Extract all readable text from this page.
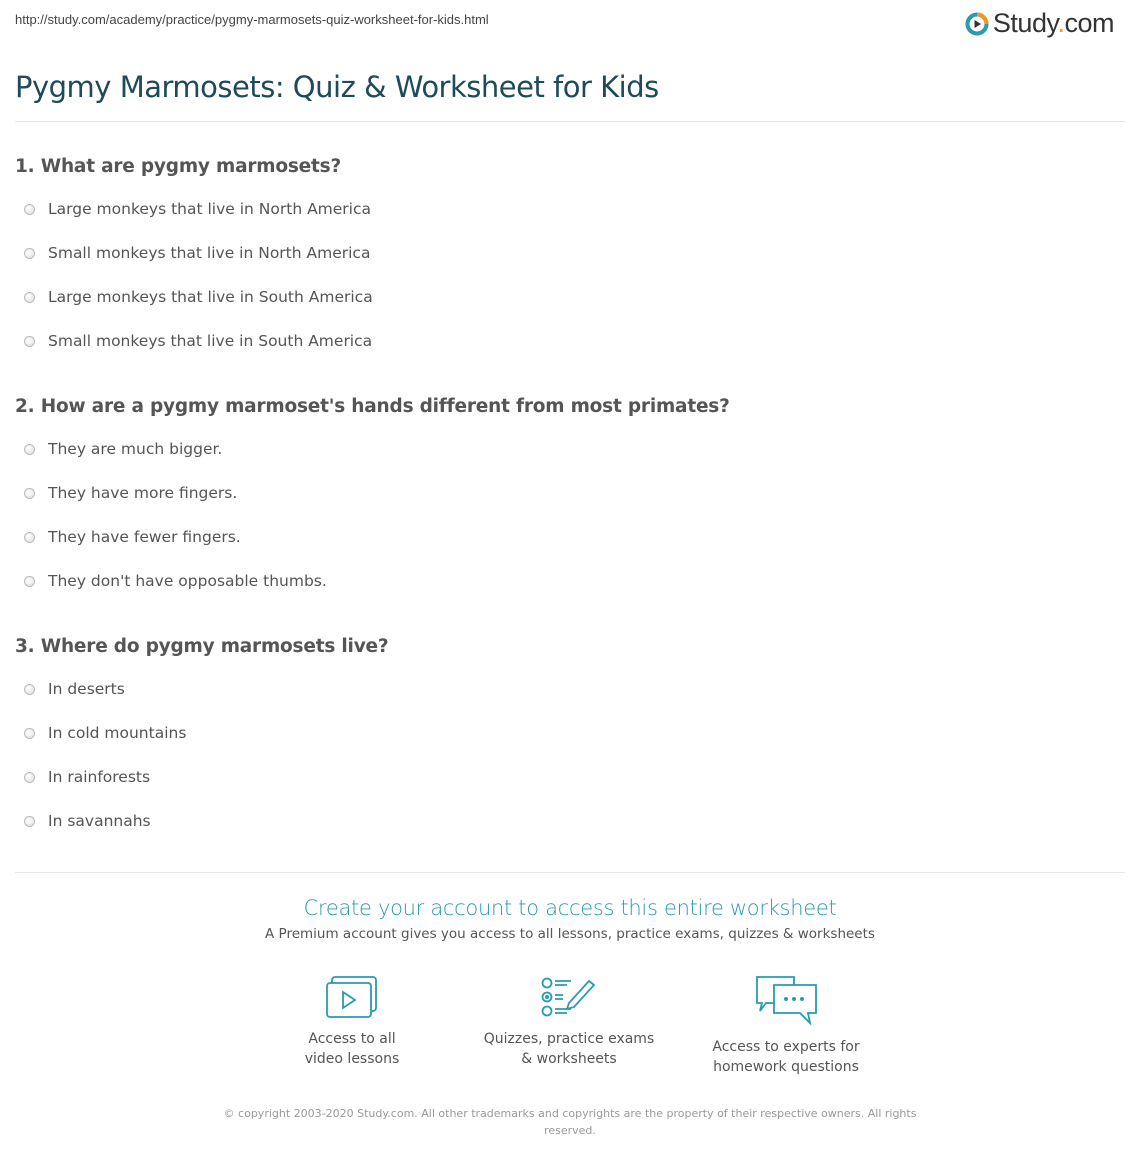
http://study.com/academy/practice/pygmy-marmosets-quiz-worksheet-for-kids.html	Study.com
Pygmy Marmosets: Quiz & Worksheet for Kids
1. What are pygmy marmosets?
Large monkeys that live in North America
Small monkeys that live in North America
Large monkeys that live in South America
Small monkeys that live in South America
2. How are a pygmy marmoset's hands different from most primates?
They are much bigger.
They have more fingers.
They have fewer fingers.
They don't have opposable thumbs.
3. Where do pygmy marmosets live?
In deserts
In cold mountains
In rainforests
In savannahs
Create your account to access this entire worksheet
A Premium account gives you access to all lessons, practice exams, quizzes & worksheets
Access to all
video lessons
Quizzes, practice exams
& worksheets
Access to experts for
homework questions
© copyright 2003-2020 Study.com. All other trademarks and copyrights are the property of their respective owners. All rights reserved.
